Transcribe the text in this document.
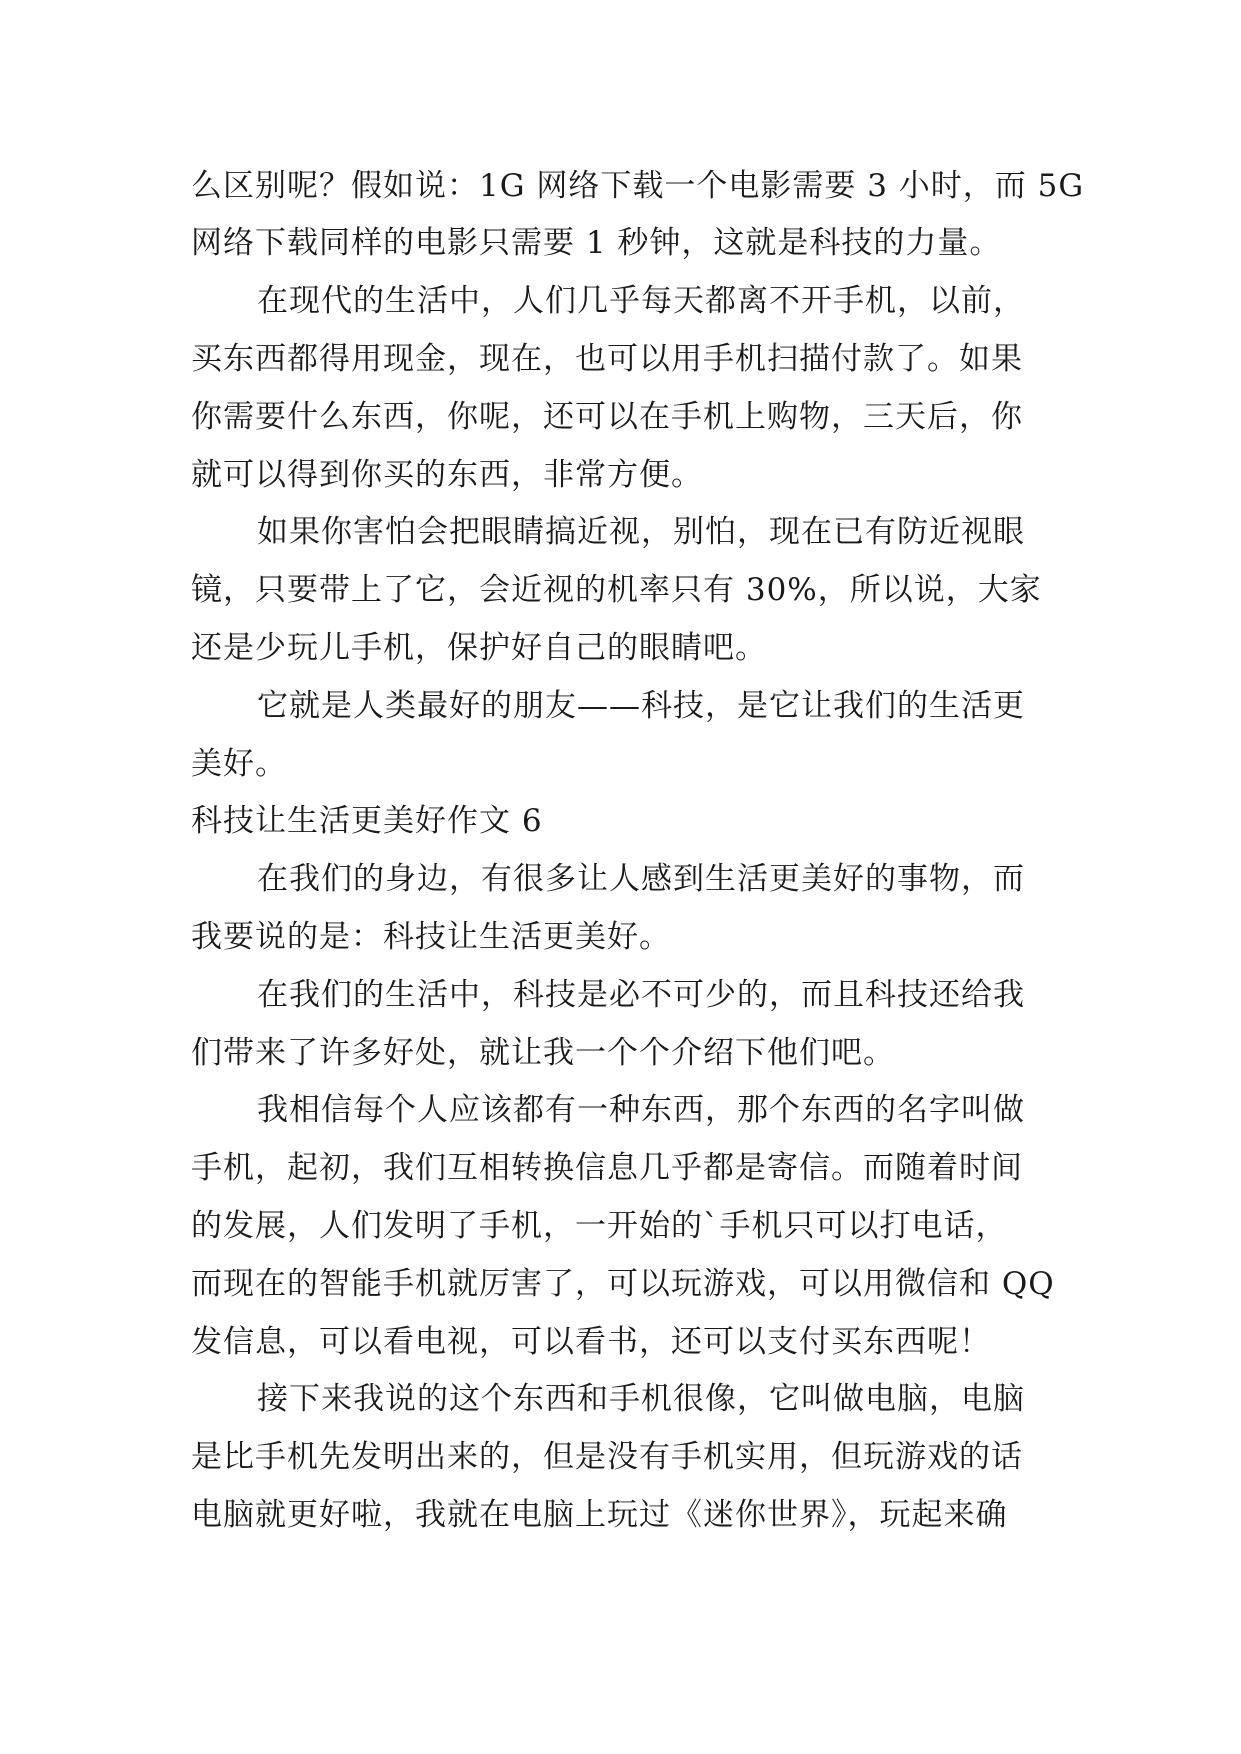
么区别呢？假如说：1G 网络下载一个电影需要 3 小时，而 5G
网络下载同样的电影只需要 1 秒钟，这就是科技的力量。
在现代的生活中，人们几乎每天都离不开手机，以前，
买东西都得用现金，现在，也可以用手机扫描付款了。如果
你需要什么东西，你呢，还可以在手机上购物，三天后，你
就可以得到你买的东西，非常方便。
如果你害怕会把眼睛搞近视，别怕，现在已有防近视眼
镜，只要带上了它，会近视的机率只有 30%，所以说，大家
还是少玩儿手机，保护好自己的眼睛吧。
它就是人类最好的朋友——科技，是它让我们的生活更
美好。
科技让生活更美好作文 6
在我们的身边，有很多让人感到生活更美好的事物，而
我要说的是：科技让生活更美好。
在我们的生活中，科技是必不可少的，而且科技还给我
们带来了许多好处，就让我一个个介绍下他们吧。
我相信每个人应该都有一种东西，那个东西的名字叫做
手机，起初，我们互相转换信息几乎都是寄信。而随着时间
的发展，人们发明了手机，一开始的`手机只可以打电话，
而现在的智能手机就厉害了，可以玩游戏，可以用微信和 QQ
发信息，可以看电视，可以看书，还可以支付买东西呢！
接下来我说的这个东西和手机很像，它叫做电脑，电脑
是比手机先发明出来的，但是没有手机实用，但玩游戏的话
电脑就更好啦，我就在电脑上玩过《迷你世界》，玩起来确
